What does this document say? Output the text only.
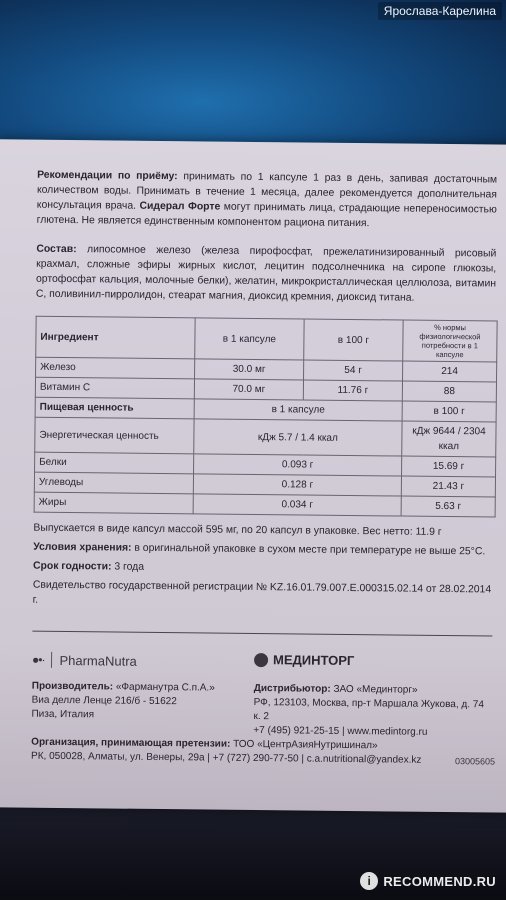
Ярослава-Карелина

Рекомендации по приёму: принимать по 1 капсуле 1 раз в день, запивая достаточным количеством воды. Принимать в течение 1 месяца, далее рекомендуется дополнительная консультация врача. Сидерал Форте могут принимать лица, страдающие непереносимостью глютена. Не является единственным компонентом рациона питания.

Состав: липосомное железо (железа пирофосфат, прежелатинизированный рисовый крахмал, сложные эфиры жирных кислот, лецитин подсолнечника на сиропе глюкозы, ортофосфат кальция, молочные белки), желатин, микрокристаллическая целлюлоза, витамин С, поливинил-пирролидон, стеарат магния, диоксид кремния, диоксид титана.

Ингредиент	в 1 капсуле	в 100 г	% нормы физиологической потребности в 1 капсуле
Железо	30.0 мг	54 г	214
Витамин С	70.0 мг	11.76 г	88
Пищевая ценность	в 1 капсуле		в 100 г
Энергетическая ценность	кДж 5.7 / 1.4 ккал		кДж 9644 / 2304 ккал
Белки	0.093 г		15.69 г
Углеводы	0.128 г		21.43 г
Жиры	0.034 г		5.63 г
Выпускается в виде капсул массой 595 мг, по 20 капсул в упаковке. Вес нетто: 11.9 г
Условия хранения: в оригинальной упаковке в сухом месте при температуре не выше 25°С.
Срок годности: 3 года
Свидетельство государственной регистрации № KZ.16.01.79.007.Е.000315.02.14 от 28.02.2014 г.
●•· PharmaNutra	МЕДИНТОРГ
Производитель: «Фарманутра С.п.А.»
Виа делле Ленце 216/б - 51622
Пиза, Италия
Дистрибьютор: ЗАО «Мединторг»
РФ, 123103, Москва, пр-т Маршала Жукова, д. 74 к. 2
+7 (495) 921-25-15 | www.medintorg.ru
Организация, принимающая претензии: ТОО «ЦентрАзияНутришинал»
РК, 050028, Алматы, ул. Венеры, 29а | +7 (727) 290-77-50 | c.a.nutritional@yandex.kz	03005605
i RECOMMEND.RU
